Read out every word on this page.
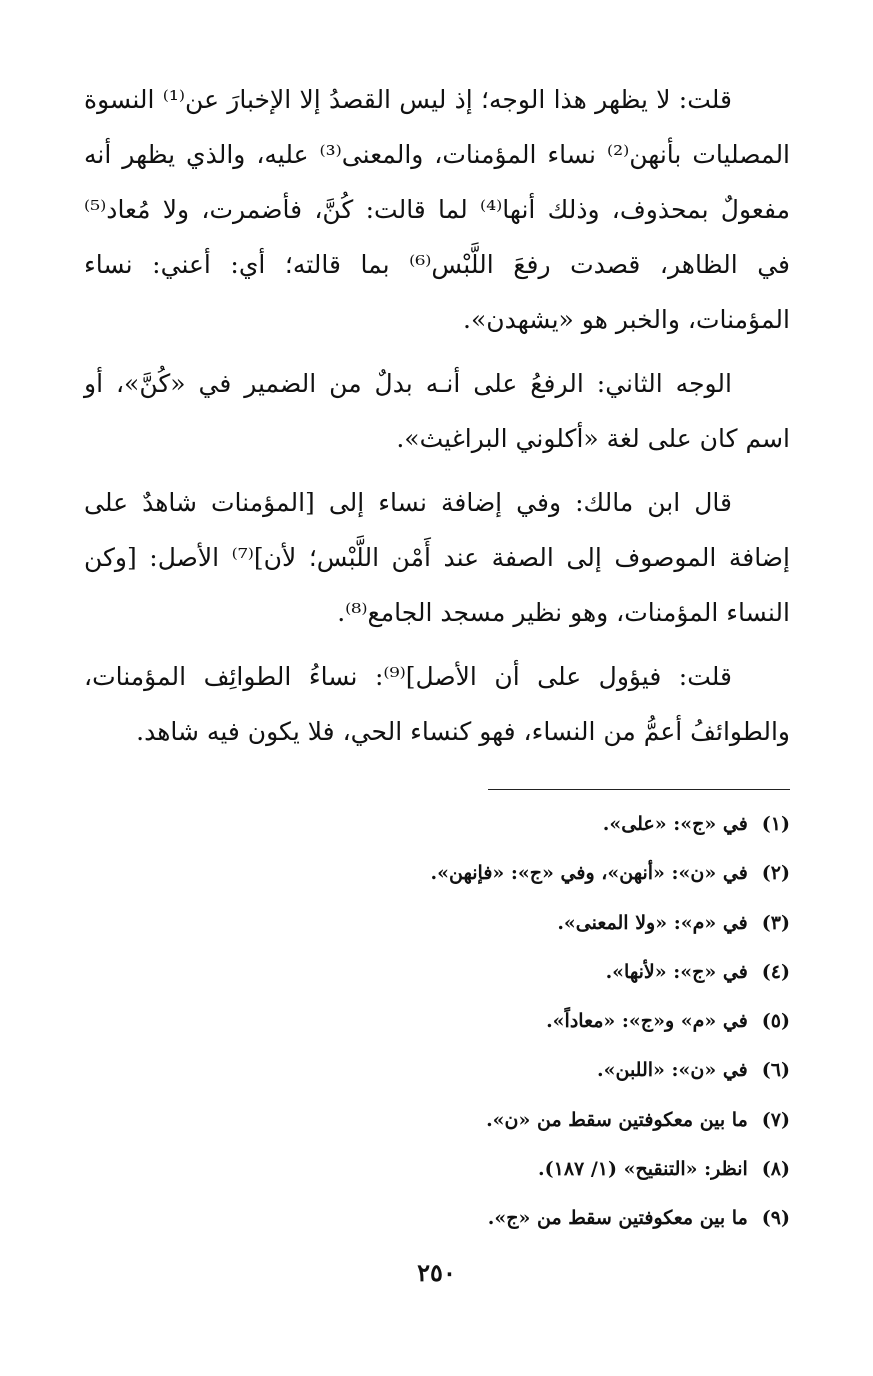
قلت: لا يظهر هذا الوجه؛ إذ ليس القصدُ إلا الإخبارَ عن⁽¹⁾ النسوة المصليات بأنهن⁽²⁾ نساء المؤمنات، والمعنى⁽³⁾ عليه، والذي يظهر أنه مفعولٌ بمحذوف، وذلك أنها⁽⁴⁾ لما قالت: كُنَّ، فأضمرت، ولا مُعاد⁽⁵⁾ في الظاهر، قصدت رفعَ اللَّبْس⁽⁶⁾ بما قالته؛ أي: أعني: نساء المؤمنات، والخبر هو «يشهدن».

الوجه الثاني: الرفعُ على أنـه بدلٌ من الضمير في «كُنَّ»، أو اسم كان على لغة «أكلوني البراغيث».

قال ابن مالك: وفي إضافة نساء إلى [المؤمنات شاهدٌ على إضافة الموصوف إلى الصفة عند أَمْن اللَّبْس؛ لأن]⁽⁷⁾ الأصل: [وكن النساء المؤمنات، وهو نظير مسجد الجامع⁽⁸⁾.

قلت: فيؤول على أن الأصل]⁽⁹⁾: نساءُ الطوائِف المؤمنات، والطوائفُ أعمُّ من النساء، فهو كنساء الحي، فلا يكون فيه شاهد.

(١)في «ج»: «على».
(٢)في «ن»: «أنهن»، وفي «ج»: «فإنهن».
(٣)في «م»: «ولا المعنى».
(٤)في «ج»: «لأنها».
(٥)في «م» و«ج»: «معاداً».
(٦)في «ن»: «اللبن».
(٧)ما بين معكوفتين سقط من «ن».
(٨)انظر: «التنقيح» (١/ ١٨٧).
(٩)ما بين معكوفتين سقط من «ج».
٢٥٠
